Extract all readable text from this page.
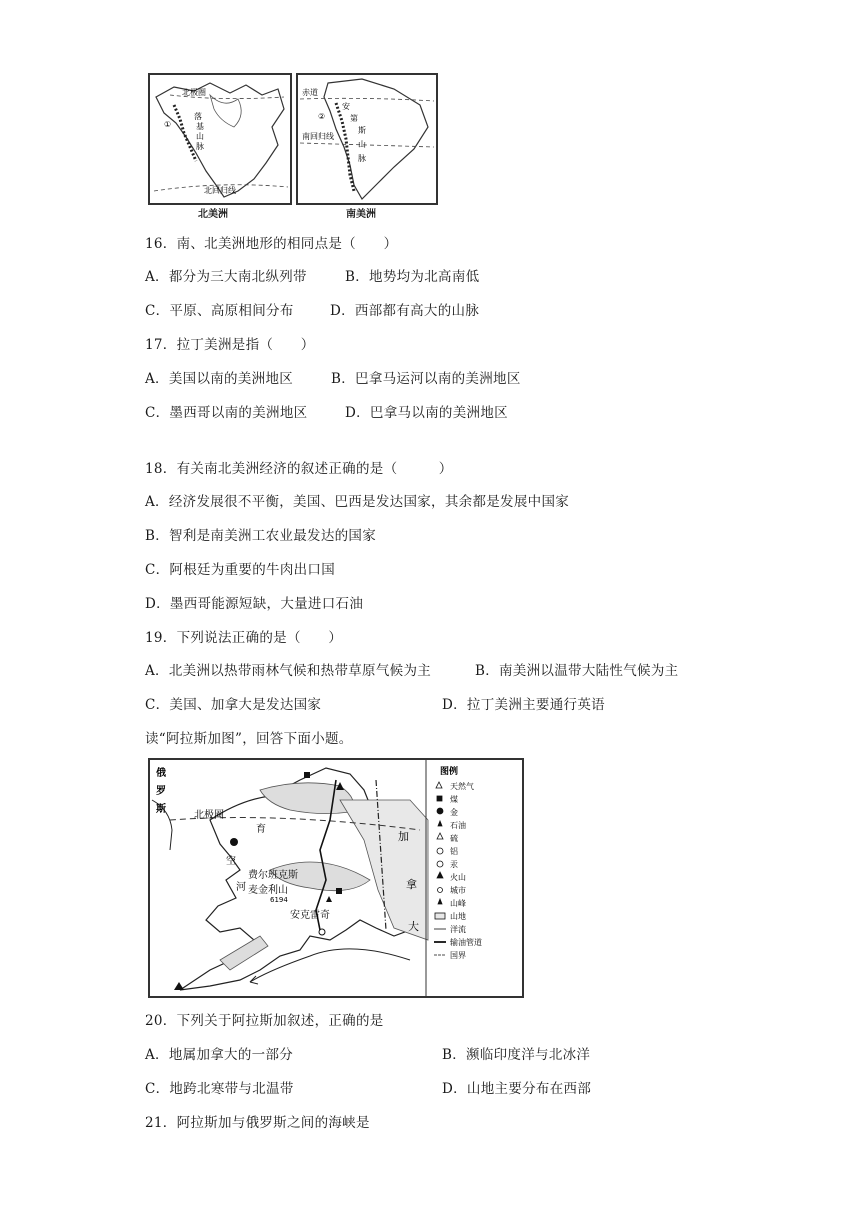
北极圈
①
落
基
山
脉
北回归线
北美洲
赤道
②
安
第
斯
山
脉
南回归线
南美洲
16．南、北美洲地形的相同点是（　　）
A．都分为三大南北纵列带	B．地势均为北高南低
C．平原、高原相间分布	D．西部都有高大的山脉
17．拉丁美洲是指（　　）
A．美国以南的美洲地区	B．巴拿马运河以南的美洲地区
C．墨西哥以南的美洲地区	D．巴拿马以南的美洲地区
18．有关南北美洲经济的叙述正确的是（　　　）
A．经济发展很不平衡，美国、巴西是发达国家，其余都是发展中国家
B．智利是南美洲工农业最发达的国家
C．阿根廷为重要的牛肉出口国
D．墨西哥能源短缺，大量进口石油
19．下列说法正确的是（　　）
A．北美洲以热带雨林气候和热带草原气候为主	B．南美洲以温带大陆性气候为主
C．美国、加拿大是发达国家	D．拉丁美洲主要通行英语
读“阿拉斯加图”，回答下面小题。
俄
罗
斯
北极圈
育
空
河
费尔班克斯
麦金利山
6194
安克雷奇
加
拿
大
图例
天然气
煤
金
石油
硫
铝
汞
火山
城市
山峰
山地
洋流
输油管道
国界
20．下列关于阿拉斯加叙述，正确的是
A．地属加拿大的一部分	B．濒临印度洋与北冰洋
C．地跨北寒带与北温带	D．山地主要分布在西部
21．阿拉斯加与俄罗斯之间的海峡是
